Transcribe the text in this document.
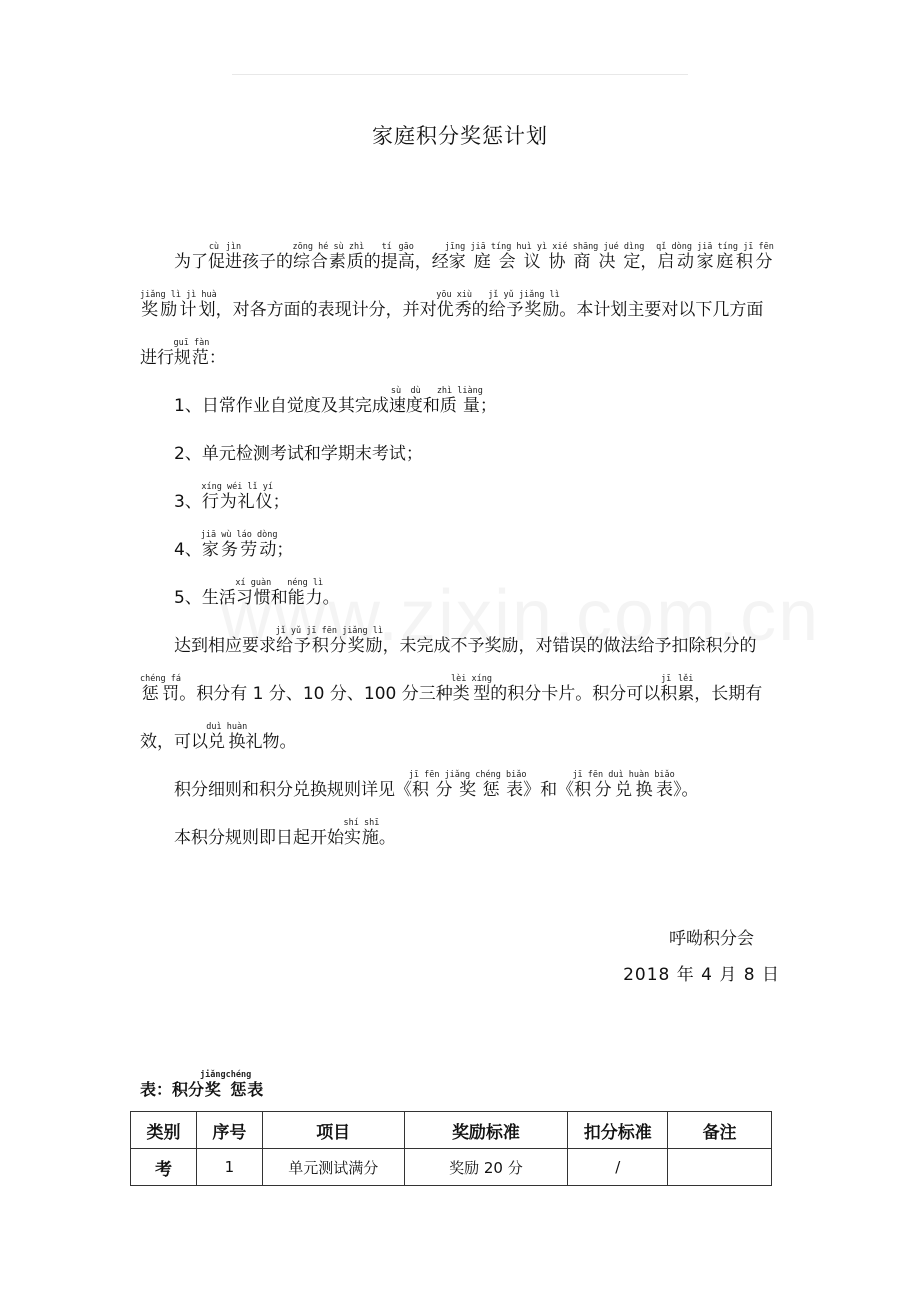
家庭积分奖惩计划

为了促进cù jìn孩子的综合素质zōng hé sù zhì的提高tí gāo，经家庭会议协商决定jīng jiā tíng huì yì xié shāng jué dìng，启动家庭积分奖励计划qǐ dòng jiā tíng jī fēn jiǎng lì jì huà，对各方面的表现计分，并对优秀yōu xiù的给予奖励jǐ yǔ jiǎng lì。本计划主要对以下几方面进行规范guī fàn：

1、日常作业自觉度及其完成速度sù dù和质量zhì liàng；

2、单元检测考试和学期末考试；

3、行为礼仪xíng wéi lǐ yí；

4、家务劳动jiā wù láo dòng；

5、生活习惯xí guàn和能力néng lì。

达到相应要求给予积分奖励jǐ yǔ jī fēn jiǎng lì，未完成不予奖励，对错误的做法给予扣除积分的惩罚chéng fá。积分有 1 分、10 分、100 分三种类型lèi xíng的积分卡片。积分可以积累jī lěi，长期有效，可以兑换duì huàn礼物。

积分细则和积分兑换规则详见《积分奖惩表jī fēn jiǎng chéng biǎo》和《积分兑换表jī fēn duì huàn biǎo》。

本积分规则即日起开始实施shí shī。

呼呦积分会
2018 年 4 月 8 日
表：积分奖惩jiǎngchéng表
类别	序号	项目	奖励标准	扣分标准	备注
考	1	单元测试满分	奖励 20 分	/	
